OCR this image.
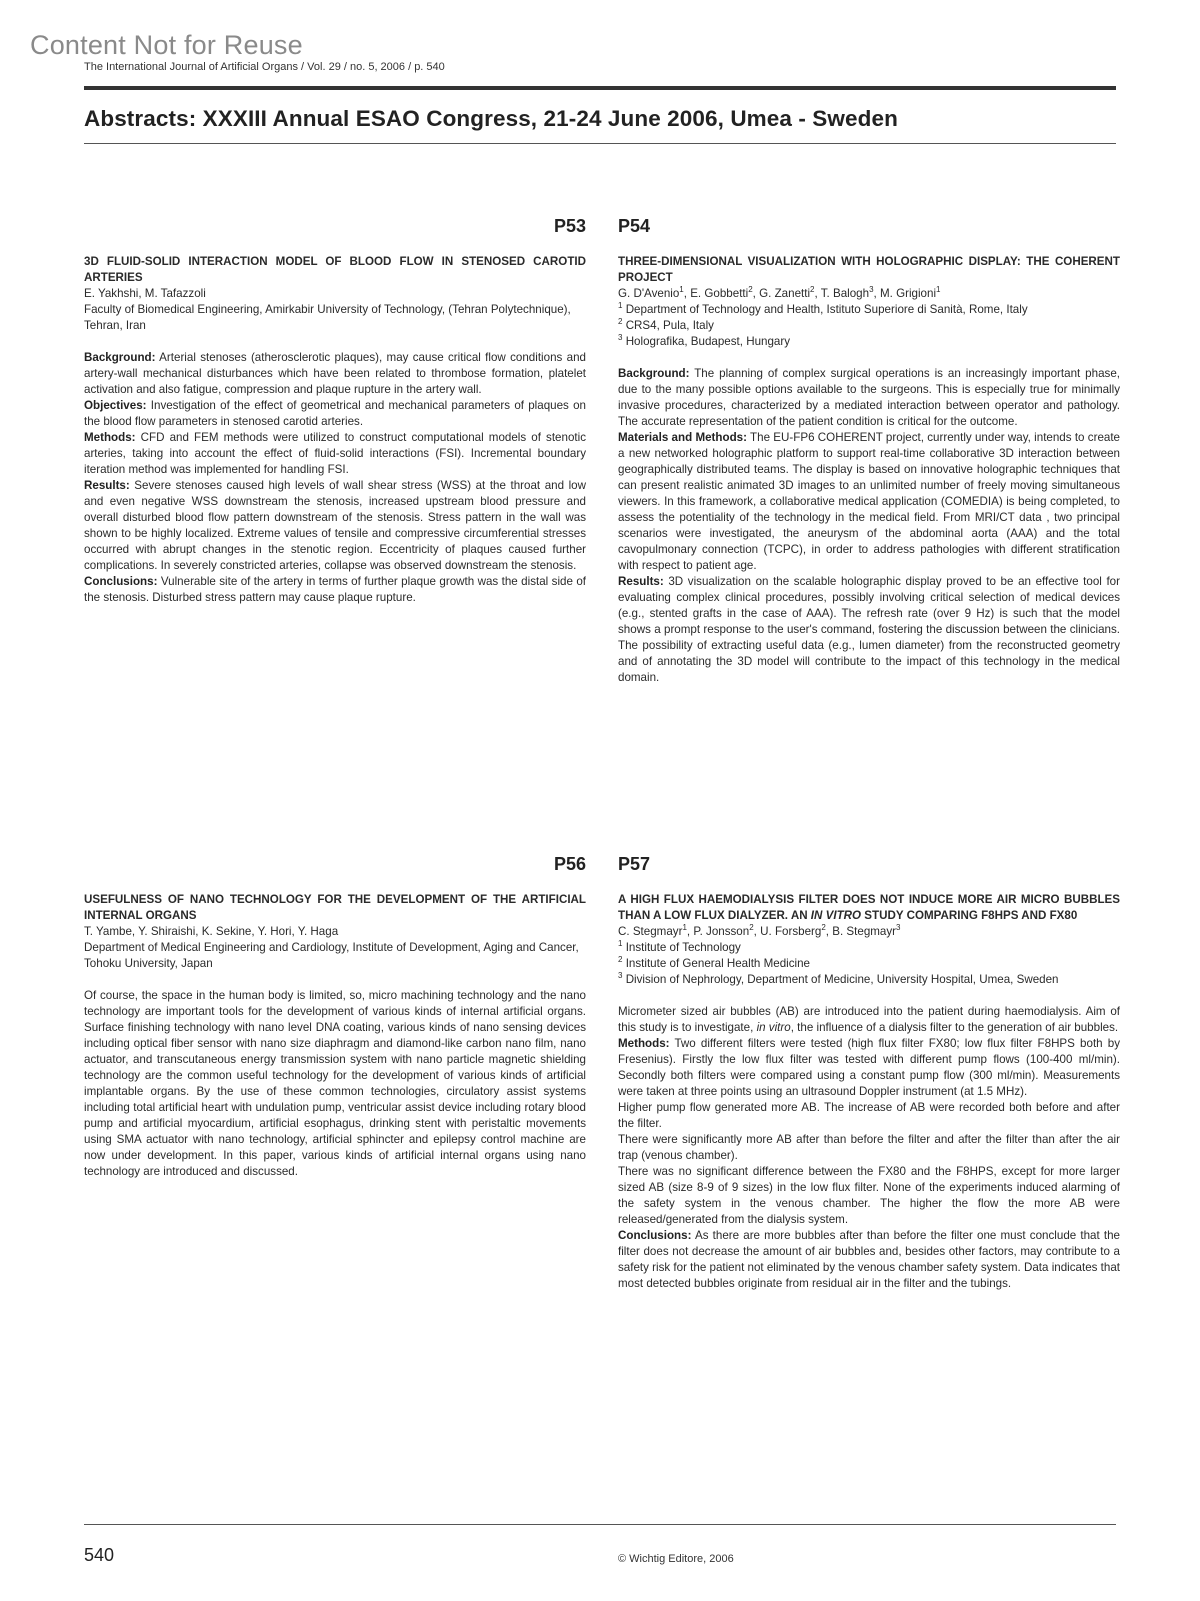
Content Not for Reuse
The International Journal of Artificial Organs / Vol. 29 / no. 5, 2006 / p. 540
Abstracts: XXXIII Annual ESAO Congress, 21-24 June 2006, Umea - Sweden
P53

3D FLUID-SOLID INTERACTION MODEL OF BLOOD FLOW IN STENOSED CAROTID ARTERIES

E. Yakhshi, M. Tafazzoli

Faculty of Biomedical Engineering, Amirkabir University of Technology, (Tehran Polytechnique), Tehran, Iran

Background: Arterial stenoses (atherosclerotic plaques), may cause critical flow conditions and artery-wall mechanical disturbances which have been related to thrombose formation, platelet activation and also fatigue, compression and plaque rupture in the artery wall.

Objectives: Investigation of the effect of geometrical and mechanical parameters of plaques on the blood flow parameters in stenosed carotid arteries.

Methods: CFD and FEM methods were utilized to construct computational models of stenotic arteries, taking into account the effect of fluid-solid interactions (FSI). Incremental boundary iteration method was implemented for handling FSI.

Results: Severe stenoses caused high levels of wall shear stress (WSS) at the throat and low and even negative WSS downstream the stenosis, increased upstream blood pressure and overall disturbed blood flow pattern downstream of the stenosis. Stress pattern in the wall was shown to be highly localized. Extreme values of tensile and compressive circumferential stresses occurred with abrupt changes in the stenotic region. Eccentricity of plaques caused further complications. In severely constricted arteries, collapse was observed downstream the stenosis.

Conclusions: Vulnerable site of the artery in terms of further plaque growth was the distal side of the stenosis. Disturbed stress pattern may cause plaque rupture.

P54

THREE-DIMENSIONAL VISUALIZATION WITH HOLOGRAPHIC DISPLAY: THE COHERENT PROJECT

G. D'Avenio$^1$, E. Gobbetti$^2$, G. Zanetti$^2$, T. Balogh$^3$, M. Grigioni$^1$

$^1$ Department of Technology and Health, Istituto Superiore di Sanità, Rome, Italy

$^2$ CRS4, Pula, Italy

$^3$ Holografika, Budapest, Hungary

Background: The planning of complex surgical operations is an increasingly important phase, due to the many possible options available to the surgeons. This is especially true for minimally invasive procedures, characterized by a mediated interaction between operator and pathology. The accurate representation of the patient condition is critical for the outcome.

Materials and Methods: The EU-FP6 COHERENT project, currently under way, intends to create a new networked holographic platform to support real-time collaborative 3D interaction between geographically distributed teams. The display is based on innovative holographic techniques that can present realistic animated 3D images to an unlimited number of freely moving simultaneous viewers. In this framework, a collaborative medical application (COMEDIA) is being completed, to assess the potentiality of the technology in the medical field. From MRI/CT data , two principal scenarios were investigated, the aneurysm of the abdominal aorta (AAA) and the total cavopulmonary connection (TCPC), in order to address pathologies with different stratification with respect to patient age.

Results: 3D visualization on the scalable holographic display proved to be an effective tool for evaluating complex clinical procedures, possibly involving critical selection of medical devices (e.g., stented grafts in the case of AAA). The refresh rate (over 9 Hz) is such that the model shows a prompt response to the user's command, fostering the discussion between the clinicians. The possibility of extracting useful data (e.g., lumen diameter) from the reconstructed geometry and of annotating the 3D model will contribute to the impact of this technology in the medical domain.

P56

USEFULNESS OF NANO TECHNOLOGY FOR THE DEVELOPMENT OF THE ARTIFICIAL INTERNAL ORGANS

T. Yambe, Y. Shiraishi, K. Sekine, Y. Hori, Y. Haga

Department of Medical Engineering and Cardiology, Institute of Development, Aging and Cancer, Tohoku University, Japan

Of course, the space in the human body is limited, so, micro machining technology and the nano technology are important tools for the development of various kinds of internal artificial organs. Surface finishing technology with nano level DNA coating, various kinds of nano sensing devices including optical fiber sensor with nano size diaphragm and diamond-like carbon nano film, nano actuator, and transcutaneous energy transmission system with nano particle magnetic shielding technology are the common useful technology for the development of various kinds of artificial implantable organs. By the use of these common technologies, circulatory assist systems including total artificial heart with undulation pump, ventricular assist device including rotary blood pump and artificial myocardium, artificial esophagus, drinking stent with peristaltic movements using SMA actuator with nano technology, artificial sphincter and epilepsy control machine are now under development. In this paper, various kinds of artificial internal organs using nano technology are introduced and discussed.

P57

A HIGH FLUX HAEMODIALYSIS FILTER DOES NOT INDUCE MORE AIR MICRO BUBBLES THAN A LOW FLUX DIALYZER. AN IN VITRO STUDY COMPARING F8HPS AND FX80

C. Stegmayr$^1$, P. Jonsson$^2$, U. Forsberg$^2$, B. Stegmayr$^3$

$^1$ Institute of Technology

$^2$ Institute of General Health Medicine

$^3$ Division of Nephrology, Department of Medicine, University Hospital, Umea, Sweden

Micrometer sized air bubbles (AB) are introduced into the patient during haemodialysis. Aim of this study is to investigate, in vitro, the influence of a dialysis filter to the generation of air bubbles.

Methods: Two different filters were tested (high flux filter FX80; low flux filter F8HPS both by Fresenius). Firstly the low flux filter was tested with different pump flows (100-400 ml/min). Secondly both filters were compared using a constant pump flow (300 ml/min). Measurements were taken at three points using an ultrasound Doppler instrument (at 1.5 MHz).

Higher pump flow generated more AB. The increase of AB were recorded both before and after the filter.

There were significantly more AB after than before the filter and after the filter than after the air trap (venous chamber).

There was no significant difference between the FX80 and the F8HPS, except for more larger sized AB (size 8-9 of 9 sizes) in the low flux filter. None of the experiments induced alarming of the safety system in the venous chamber. The higher the flow the more AB were released/generated from the dialysis system.

Conclusions: As there are more bubbles after than before the filter one must conclude that the filter does not decrease the amount of air bubbles and, besides other factors, may contribute to a safety risk for the patient not eliminated by the venous chamber safety system. Data indicates that most detected bubbles originate from residual air in the filter and the tubings.

540	© Wichtig Editore, 2006
